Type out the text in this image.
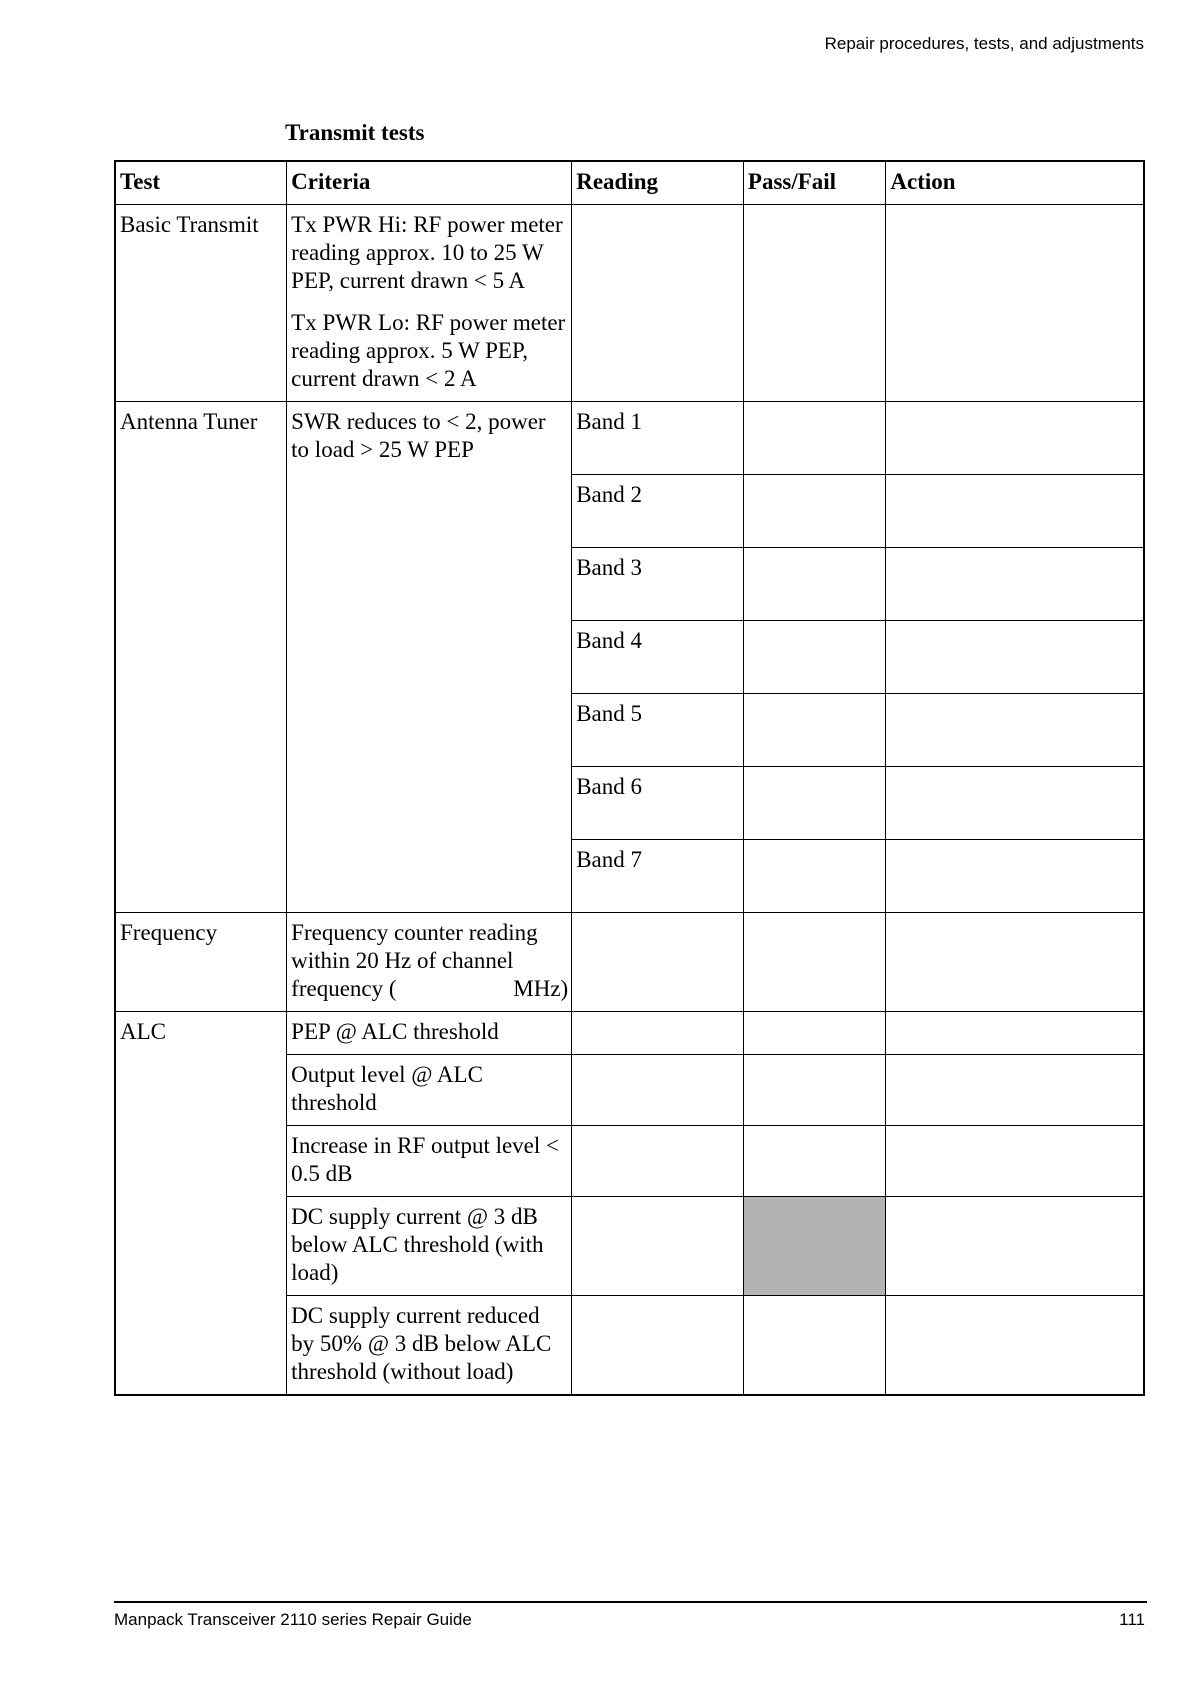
Repair procedures, tests, and adjustments
Transmit tests
Test	Criteria	Reading	Pass/Fail	Action
Basic Transmit	Tx PWR Hi: RF power meter reading approx. 10 to 25 W PEP, current drawn < 5 A
Tx PWR Lo: RF power meter reading approx. 5 W PEP, current drawn < 2 A			

Antenna Tuner	SWR reduces to < 2, power to load > 25 W PEP	Band 1		
		Band 2		
		Band 3		
		Band 4		
		Band 5		
		Band 6		
		Band 7		
Frequency	Frequency counter reading within 20 Hz of channel
frequency ( MHz)			

ALC	PEP @ ALC threshold			
	Output level @ ALC threshold			
	Increase in RF output level < 0.5 dB			
	DC supply current @ 3 dB below ALC threshold (with load)			
	DC supply current reduced by 50% @ 3 dB below ALC threshold (without load)			
Manpack Transceiver 2110 series Repair Guide	111
